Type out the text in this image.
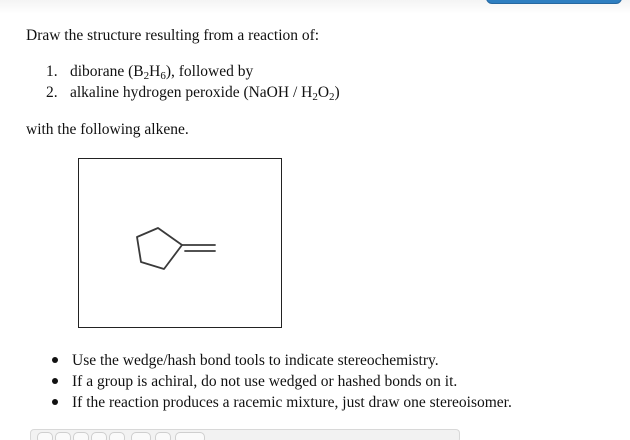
Draw the structure resulting from a reaction of:
1. diborane $(B_2H_6)$, followed by
2. alkaline hydrogen peroxide (NaOH / $H_2O_2$)
with the following alkene.
Use the wedge/hash bond tools to indicate stereochemistry.
If a group is achiral, do not use wedged or hashed bonds on it.
If the reaction produces a racemic mixture, just draw one stereoisomer.
